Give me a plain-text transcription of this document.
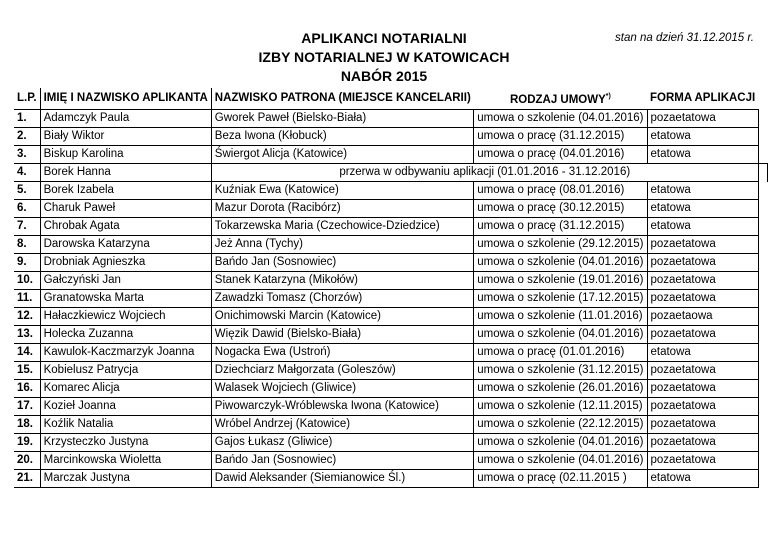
APLIKANCI NOTARIALNI
IZBY NOTARIALNEJ W KATOWICACH
NABÓR 2015
stan na dzień 31.12.2015 r.
L.P.	IMIĘ I NAZWISKO APLIKANTA	NAZWISKO PATRONA (MIEJSCE KANCELARII)	RODZAJ UMOWY*)	FORMA APLIKACJI	
1.	Adamczyk Paula	Gworek Paweł (Bielsko-Biała)	umowa o szkolenie (04.01.2016)	pozaetatowa	
2.	Biały Wiktor	Beza Iwona (Kłobuck)	umowa o pracę (31.12.2015)	etatowa	
3.	Biskup Karolina	Świergot Alicja (Katowice)	umowa o pracę (04.01.2016)	etatowa	
4.	Borek Hanna	przerwa w odbywaniu aplikacji (01.01.2016 - 31.12.2016)			
5.	Borek Izabela	Kuźniak Ewa (Katowice)	umowa o pracę (08.01.2016)	etatowa	
6.	Charuk Paweł	Mazur Dorota (Racibórz)	umowa o pracę (30.12.2015)	etatowa	
7.	Chrobak Agata	Tokarzewska Maria (Czechowice-Dziedzice)	umowa o pracę (31.12.2015)	etatowa	
8.	Darowska Katarzyna	Jeż Anna (Tychy)	umowa o szkolenie (29.12.2015)	pozaetatowa	
9.	Drobniak Agnieszka	Bańdo Jan (Sosnowiec)	umowa o szkolenie (04.01.2016)	pozaetatowa	
10.	Gałczyński Jan	Stanek Katarzyna (Mikołów)	umowa o szkolenie (19.01.2016)	pozaetatowa	
11.	Granatowska Marta	Zawadzki Tomasz (Chorzów)	umowa o szkolenie (17.12.2015)	pozaetatowa	
12.	Hałaczkiewicz Wojciech	Onichimowski Marcin (Katowice)	umowa o szkolenie (11.01.2016)	pozaetaowa	
13.	Holecka Zuzanna	Więzik Dawid (Bielsko-Biała)	umowa o szkolenie (04.01.2016)	pozaetatowa	
14.	Kawulok-Kaczmarzyk Joanna	Nogacka Ewa (Ustroń)	umowa o pracę (01.01.2016)	etatowa	
15.	Kobielusz Patrycja	Dziechciarz Małgorzata (Goleszów)	umowa o szkolenie (31.12.2015)	pozaetatowa	
16.	Komarec Alicja	Walasek Wojciech (Gliwice)	umowa o szkolenie (26.01.2016)	pozaetatowa	
17.	Kozieł Joanna	Piwowarczyk-Wróblewska Iwona (Katowice)	umowa o szkolenie (12.11.2015)	pozaetatowa	
18.	Koźlik Natalia	Wróbel Andrzej (Katowice)	umowa o szkolenie (22.12.2015)	pozaetatowa	
19.	Krzysteczko Justyna	Gajos Łukasz (Gliwice)	umowa o szkolenie (04.01.2016)	pozaetatowa	
20.	Marcinkowska Wioletta	Bańdo Jan (Sosnowiec)	umowa o szkolenie (04.01.2016)	pozaetatowa	
21.	Marczak Justyna	Dawid Aleksander (Siemianowice Śl.)	umowa o pracę (02.11.2015 )	etatowa	
